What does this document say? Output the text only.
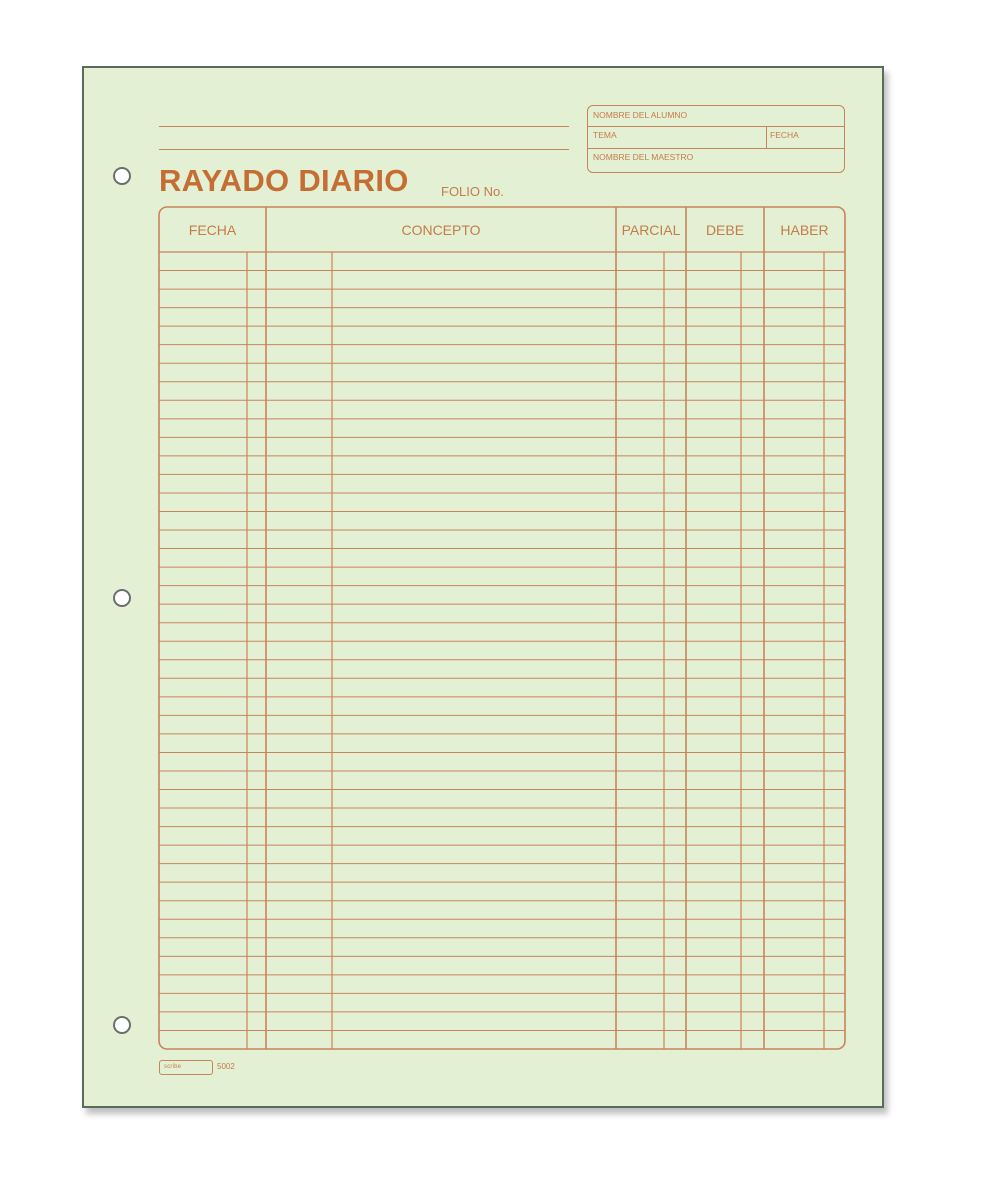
RAYADO DIARIO FOLIO No.
NOMBRE DEL ALUMNO
TEMA	FECHA
NOMBRE DEL MAESTRO
FECHA	CONCEPTO	PARCIAL	DEBE	HABER
scribe	5002
